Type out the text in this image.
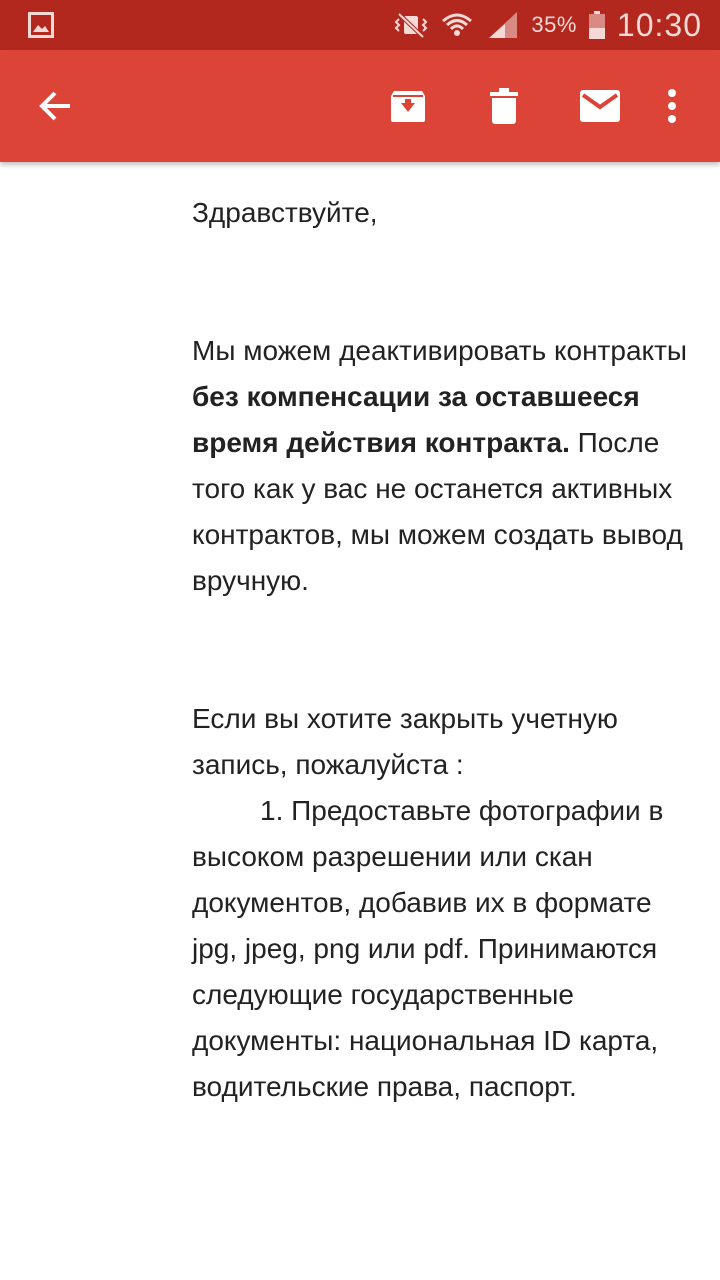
35% 10:30

Здравствуйте,

Мы можем деактивировать контракты без компенсации за оставшееся время действия контракта. После того как у вас не останется активных контрактов, мы можем создать вывод вручную.

Если вы хотите закрыть учетную запись, пожалуйста :

1. Предоставьте фотографии в высоком разрешении или скан документов, добавив их в формате jpg, jpeg, png или pdf. Принимаются следующие государственные документы: национальная ID карта, водительские права, паспорт.
